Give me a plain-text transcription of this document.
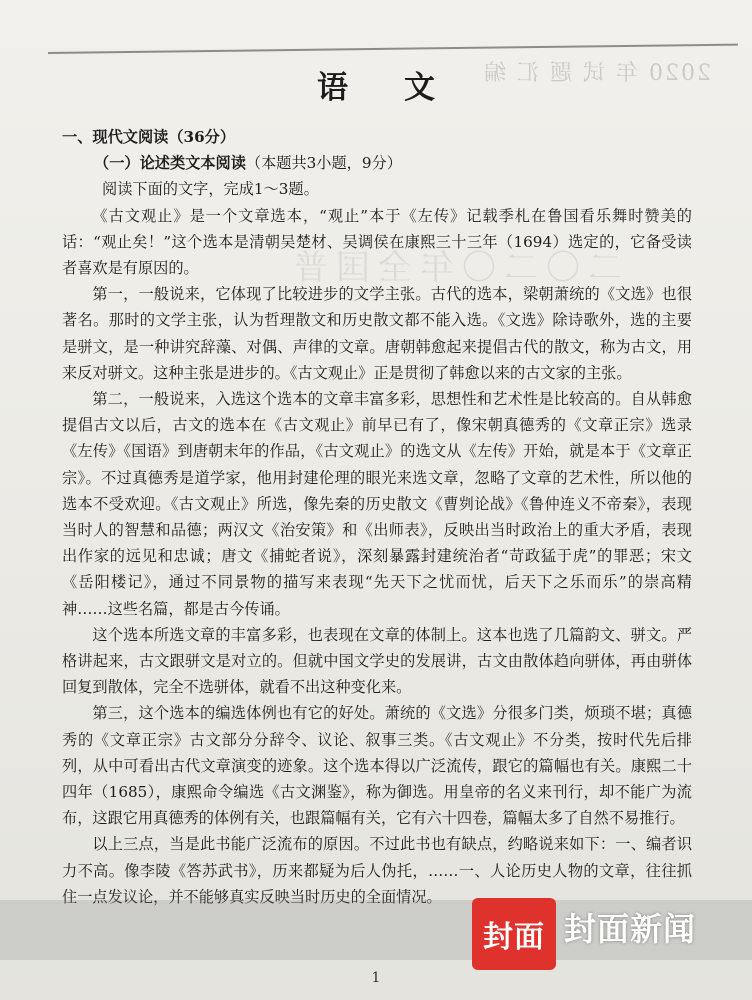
2020 年 试 题 汇 编
二〇二〇年全国普
语文
一、现代文阅读（36分）
（一）论述类文本阅读（本题共3小题，9分）
阅读下面的文字，完成1～3题。

《古文观止》是一个文章选本，“观止”本于《左传》记载季札在鲁国看乐舞时赞美的话：“观止矣！”这个选本是清朝吴楚材、吴调侯在康熙三十三年（1694）选定的，它备受读者喜欢是有原因的。

第一，一般说来，它体现了比较进步的文学主张。古代的选本，梁朝萧统的《文选》也很著名。那时的文学主张，认为哲理散文和历史散文都不能入选。《文选》除诗歌外，选的主要是骈文，是一种讲究辞藻、对偶、声律的文章。唐朝韩愈起来提倡古代的散文，称为古文，用来反对骈文。这种主张是进步的。《古文观止》正是贯彻了韩愈以来的古文家的主张。

第二，一般说来，入选这个选本的文章丰富多彩，思想性和艺术性是比较高的。自从韩愈提倡古文以后，古文的选本在《古文观止》前早已有了，像宋朝真德秀的《文章正宗》选录《左传》《国语》到唐朝末年的作品，《古文观止》的选文从《左传》开始，就是本于《文章正宗》。不过真德秀是道学家，他用封建伦理的眼光来选文章，忽略了文章的艺术性，所以他的选本不受欢迎。《古文观止》所选，像先秦的历史散文《曹刿论战》《鲁仲连义不帝秦》，表现当时人的智慧和品德；两汉文《治安策》和《出师表》，反映出当时政治上的重大矛盾，表现出作家的远见和忠诚；唐文《捕蛇者说》，深刻暴露封建统治者“苛政猛于虎”的罪恶；宋文《岳阳楼记》，通过不同景物的描写来表现“先天下之忧而忧，后天下之乐而乐”的崇高精神……这些名篇，都是古今传诵。

这个选本所选文章的丰富多彩，也表现在文章的体制上。这本也选了几篇韵文、骈文。严格讲起来，古文跟骈文是对立的。但就中国文学史的发展讲，古文由散体趋向骈体，再由骈体回复到散体，完全不选骈体，就看不出这种变化来。

第三，这个选本的编选体例也有它的好处。萧统的《文选》分很多门类，烦琐不堪；真德秀的《文章正宗》古文部分分辞令、议论、叙事三类。《古文观止》不分类，按时代先后排列，从中可看出古代文章演变的迹象。这个选本得以广泛流传，跟它的篇幅也有关。康熙二十四年（1685），康熙命令编选《古文渊鉴》，称为御选。用皇帝的名义来刊行，却不能广为流布，这跟它用真德秀的体例有关，也跟篇幅有关，它有六十四卷，篇幅太多了自然不易推行。

以上三点，当是此书能广泛流布的原因。不过此书也有缺点，约略说来如下：一、编者识力不高。像李陵《答苏武书》，历来都疑为后人伪托，……一、人论历史人物的文章，往往抓住一点发议论，并不能够真实反映当时历史的全面情况。

封面 封面新闻
1
